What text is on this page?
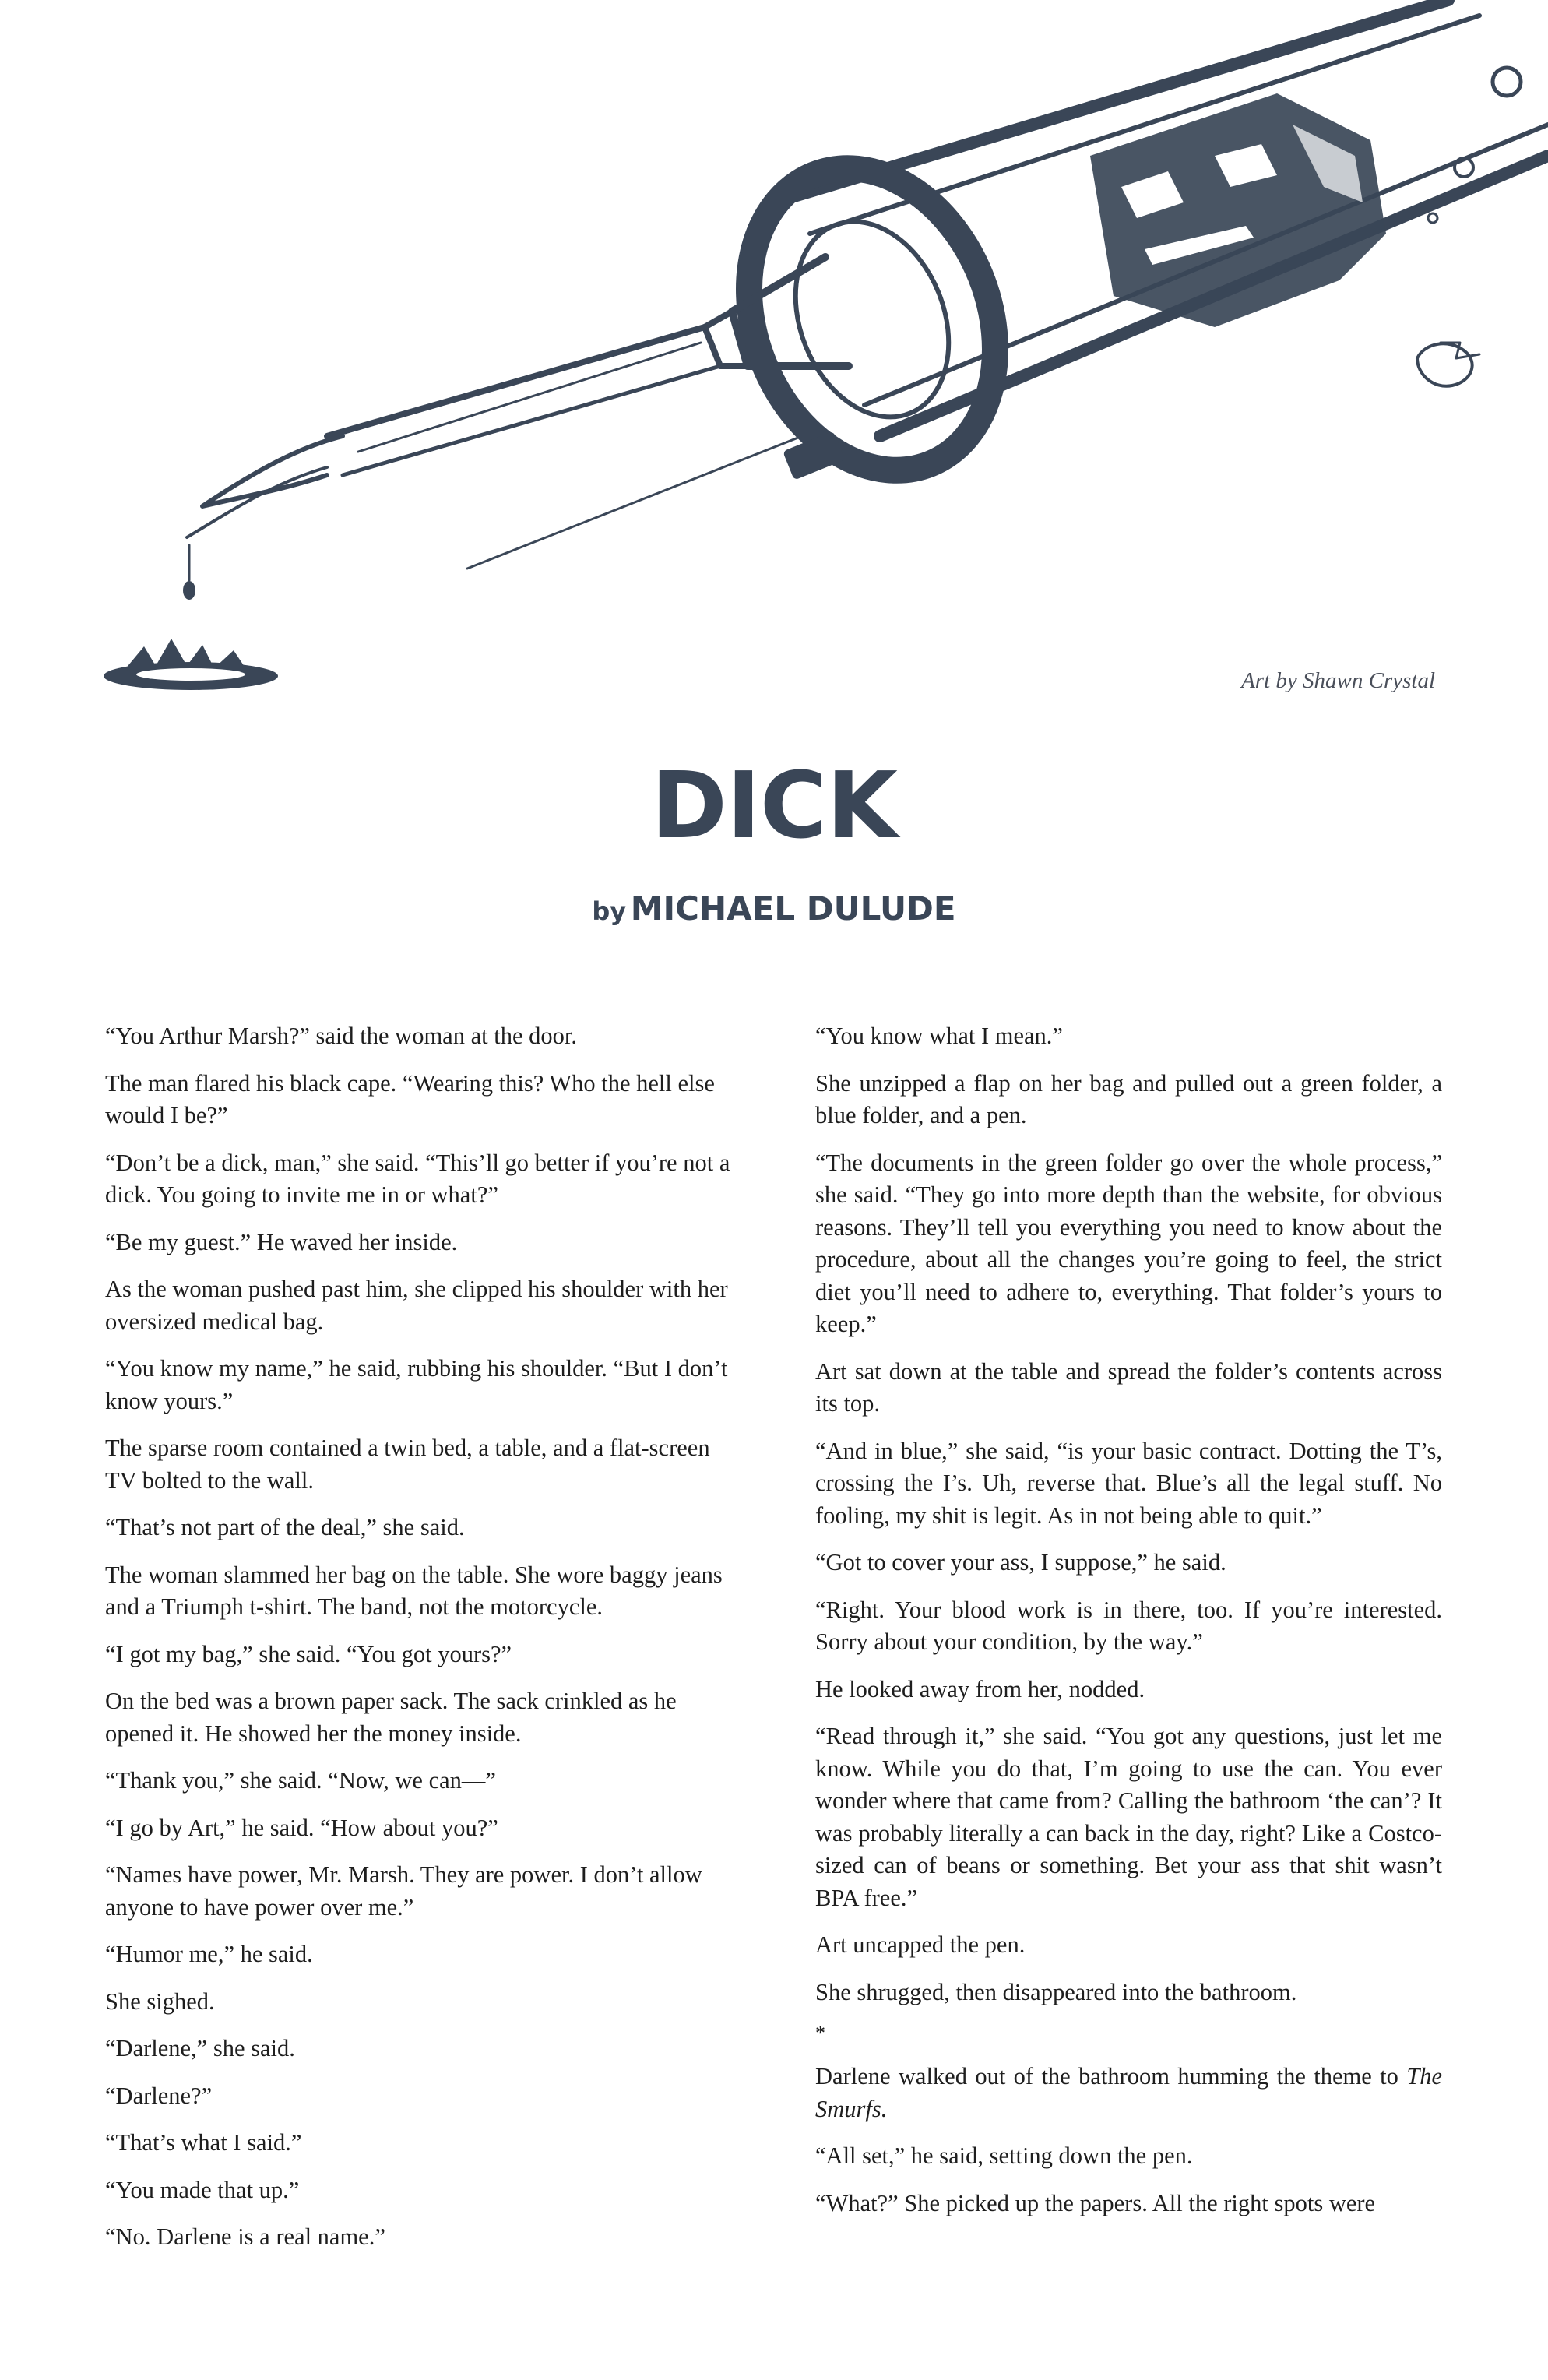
Art by Shawn Crystal
DICK
by MICHAEL DULUDE

“You Arthur Marsh?” said the woman at the door.

The man flared his black cape. “Wearing this? Who the hell else would I be?”

“Don’t be a dick, man,” she said. “This’ll go better if you’re not a dick. You going to invite me in or what?”

“Be my guest.” He waved her inside.

As the woman pushed past him, she clipped his shoulder with her oversized medical bag.

“You know my name,” he said, rubbing his shoulder. “But I don’t know yours.”

The sparse room contained a twin bed, a table, and a flat-screen TV bolted to the wall.

“That’s not part of the deal,” she said.

The woman slammed her bag on the table. She wore baggy jeans and a Triumph t-shirt. The band, not the motorcycle.

“I got my bag,” she said. “You got yours?”

On the bed was a brown paper sack. The sack crinkled as he opened it. He showed her the money inside.

“Thank you,” she said. “Now, we can—”

“I go by Art,” he said. “How about you?”

“Names have power, Mr. Marsh. They are power. I don’t allow anyone to have power over me.”

“Humor me,” he said.

She sighed.

“Darlene,” she said.

“Darlene?”

“That’s what I said.”

“You made that up.”

“No. Darlene is a real name.”

“You know what I mean.”

She unzipped a flap on her bag and pulled out a green folder, a blue folder, and a pen.

“The documents in the green folder go over the whole process,” she said. “They go into more depth than the website, for obvious reasons. They’ll tell you everything you need to know about the procedure, about all the changes you’re going to feel, the strict diet you’ll need to adhere to, everything. That folder’s yours to keep.”

Art sat down at the table and spread the folder’s contents across its top.

“And in blue,” she said, “is your basic contract. Dotting the T’s, crossing the I’s. Uh, reverse that. Blue’s all the legal stuff. No fooling, my shit is legit. As in not being able to quit.”

“Got to cover your ass, I suppose,” he said.

“Right. Your blood work is in there, too. If you’re interested. Sorry about your condition, by the way.”

He looked away from her, nodded.

“Read through it,” she said. “You got any questions, just let me know. While you do that, I’m going to use the can. You ever wonder where that came from? Calling the bathroom ‘the can’? It was probably literally a can back in the day, right? Like a Costco-sized can of beans or something. Bet your ass that shit wasn’t BPA free.”

Art uncapped the pen.

She shrugged, then disappeared into the bathroom.

*

Darlene walked out of the bathroom humming the theme to The Smurfs.

“All set,” he said, setting down the pen.

“What?” She picked up the papers. All the right spots were
